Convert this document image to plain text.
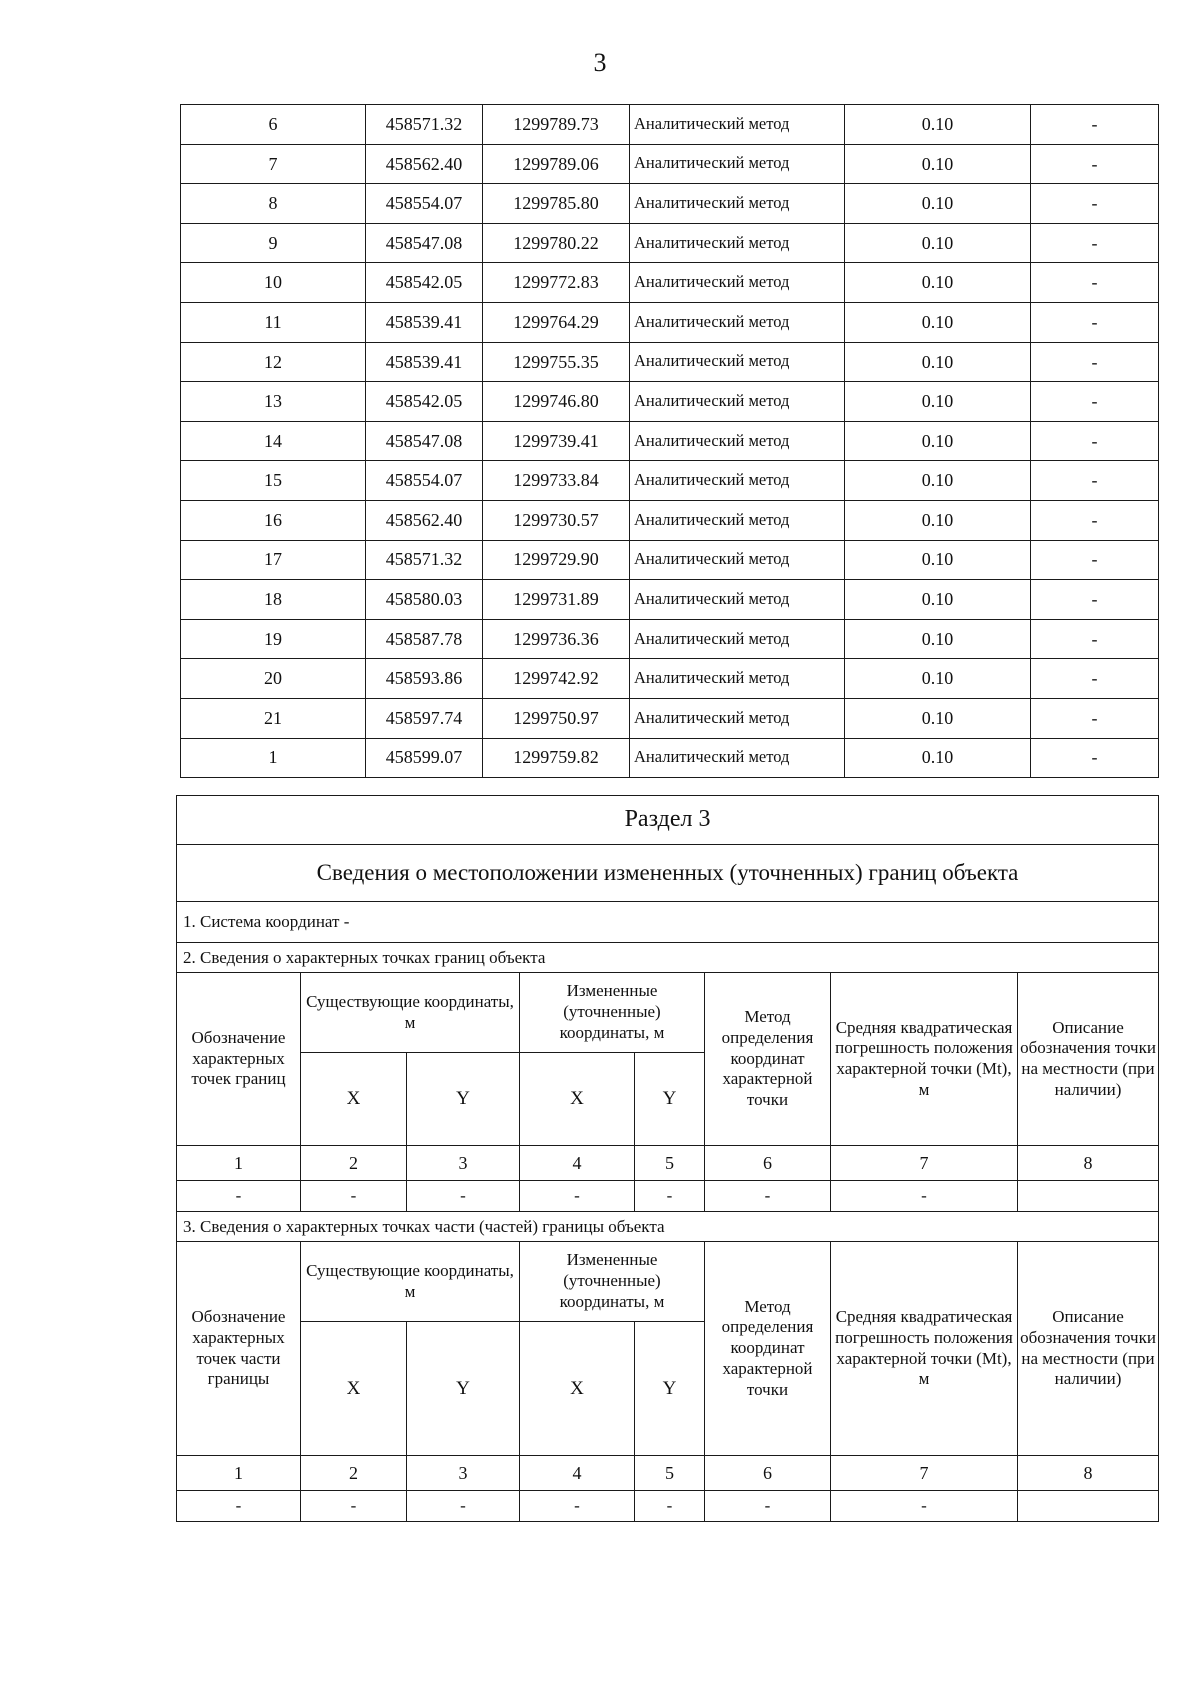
3
6	458571.32	1299789.73	Аналитический метод	0.10	-
7	458562.40	1299789.06	Аналитический метод	0.10	-
8	458554.07	1299785.80	Аналитический метод	0.10	-
9	458547.08	1299780.22	Аналитический метод	0.10	-
10	458542.05	1299772.83	Аналитический метод	0.10	-
11	458539.41	1299764.29	Аналитический метод	0.10	-
12	458539.41	1299755.35	Аналитический метод	0.10	-
13	458542.05	1299746.80	Аналитический метод	0.10	-
14	458547.08	1299739.41	Аналитический метод	0.10	-
15	458554.07	1299733.84	Аналитический метод	0.10	-
16	458562.40	1299730.57	Аналитический метод	0.10	-
17	458571.32	1299729.90	Аналитический метод	0.10	-
18	458580.03	1299731.89	Аналитический метод	0.10	-
19	458587.78	1299736.36	Аналитический метод	0.10	-
20	458593.86	1299742.92	Аналитический метод	0.10	-
21	458597.74	1299750.97	Аналитический метод	0.10	-
1	458599.07	1299759.82	Аналитический метод	0.10	-
Раздел 3							
Сведения о местоположении измененных (уточненных) границ объекта							
1. Система координат -							
2. Сведения о характерных точках границ объекта							
Обозначение характерных точек границ	Существующие координаты, м		Измененные (уточненные) координаты, м		Метод определения координат характерной точки	Средняя квадратическая погрешность положения характерной точки (Mt), м	Описание обозначения точки на местности (при наличии)
	X	Y	X	Y			
1	2	3	4	5	6	7	8
-	-	-	-	-	-	-	
3. Сведения о характерных точках части (частей) границы объекта							
Обозначение характерных точек части границы	Существующие координаты, м		Измененные (уточненные) координаты, м		Метод определения координат характерной точки	Средняя квадратическая погрешность положения характерной точки (Mt), м	Описание обозначения точки на местности (при наличии)
	X	Y	X	Y			
1	2	3	4	5	6	7	8
-	-	-	-	-	-	-	
